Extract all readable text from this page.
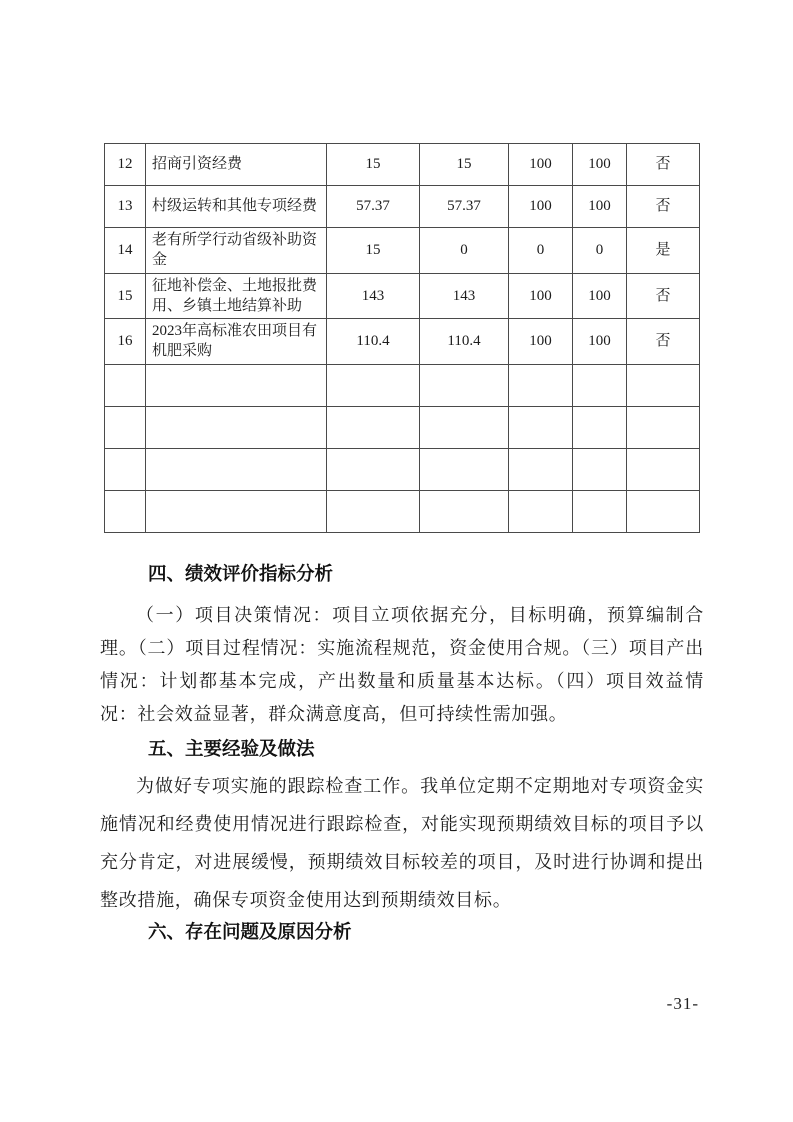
12	招商引资经费	15	15	100	100	否
13	村级运转和其他专项经费	57.37	57.37	100	100	否
14	老有所学行动省级补助资金	15	0	0	0	是
15	征地补偿金、土地报批费用、乡镇土地结算补助	143	143	100	100	否
16	2023年高标准农田项目有机肥采购	110.4	110.4	100	100	否

四、绩效评价指标分析

（一）项目决策情况：项目立项依据充分，目标明确，预算编制合理。（二）项目过程情况：实施流程规范，资金使用合规。（三）项目产出情况：计划都基本完成，产出数量和质量基本达标。（四）项目效益情况：社会效益显著，群众满意度高，但可持续性需加强。

五、主要经验及做法

为做好专项实施的跟踪检查工作。我单位定期不定期地对专项资金实施情况和经费使用情况进行跟踪检查，对能实现预期绩效目标的项目予以充分肯定，对进展缓慢，预期绩效目标较差的项目，及时进行协调和提出整改措施，确保专项资金使用达到预期绩效目标。

六、存在问题及原因分析
-31-
